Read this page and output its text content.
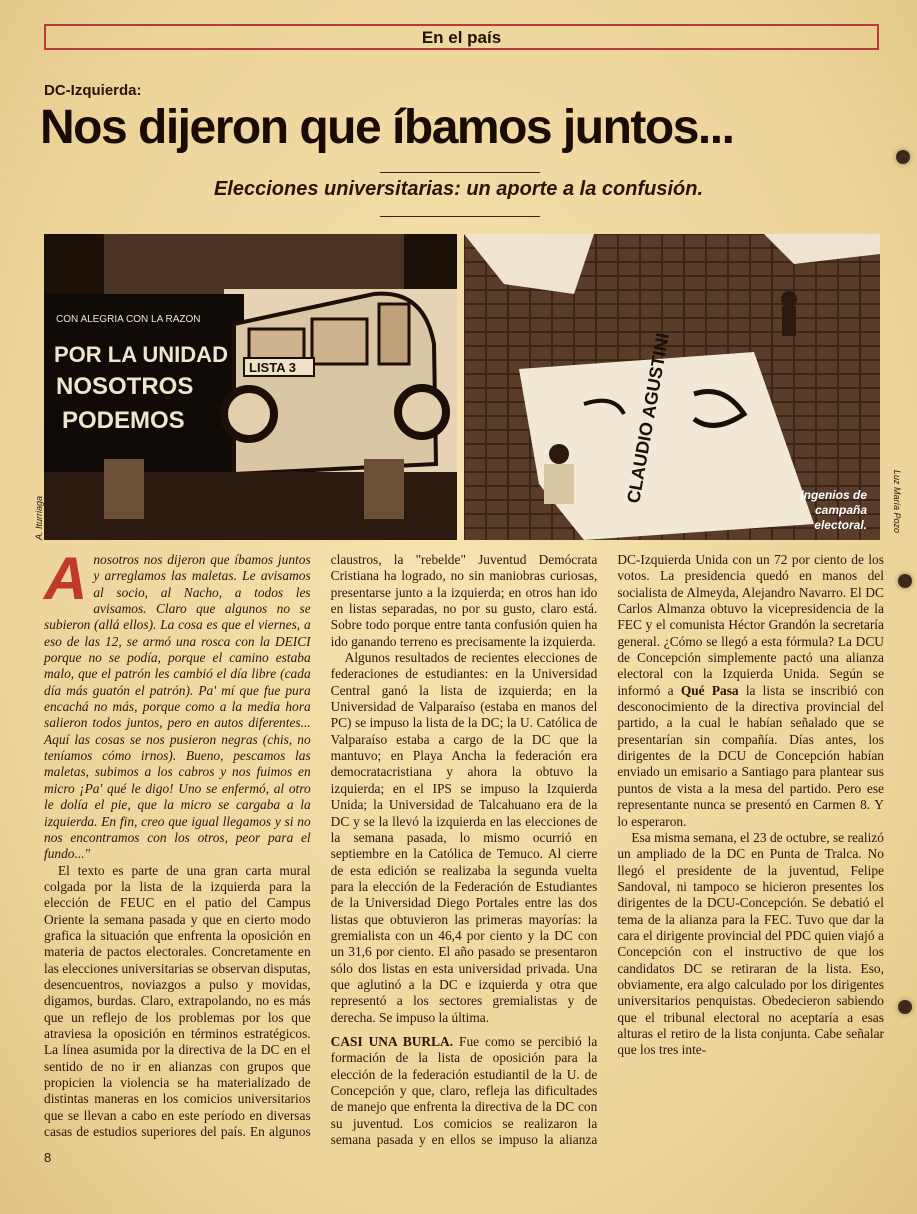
En el país
DC-Izquierda:
Nos dijeron que íbamos juntos...
Elecciones universitarias: un aporte a la confusión.
CON ALEGRIA CON LA RAZON
POR LA UNIDAD
NOSOTROS
PODEMOS
LISTA 3	CLAUDIO AGUSTINI	Ingenios de campaña electoral.
A. Iturriaga	Luz María Pozo

Anosotros nos dijeron que íbamos juntos y arreglamos las maletas. Le avisamos al socio, al Nacho, a todos les avisamos. Claro que algunos no se subieron (allá ellos). La cosa es que el viernes, a eso de las 12, se armó una rosca con la DEICI porque no se podía, porque el camino estaba malo, que el patrón les cambió el día libre (cada día más guatón el patrón). Pa' mí que fue pura encachá no más, porque como a la media hora salieron todos juntos, pero en autos diferentes... Aquí las cosas se nos pusieron negras (chis, no teníamos cómo irnos). Bueno, pescamos las maletas, subimos a los cabros y nos fuimos en micro ¡Pa' qué le digo! Uno se enfermó, al otro le dolía el pie, que la micro se cargaba a la izquierda. En fin, creo que igual llegamos y si no nos encontramos con los otros, peor para el fundo..."

El texto es parte de una gran carta mural colgada por la lista de la izquierda para la elección de FEUC en el patio del Campus Oriente la semana pasada y que en cierto modo grafica la situación que enfrenta la oposición en materia de pactos electorales. Concretamente en las elecciones universitarias se observan disputas, desencuentros, noviazgos a pulso y movidas, digamos, burdas. Claro, extrapolando, no es más que un reflejo de los problemas por los que atraviesa la oposición en términos estratégicos. La línea asumida por la directiva de la DC en el sentido de no ir en alianzas con grupos que propicien la violencia se ha materializado de distintas maneras en los comicios universitarios que se llevan a cabo en este período en diversas casas de estudios superiores del país. En algunos claustros, la "rebelde" Juventud Demócrata Cristiana ha logrado, no sin maniobras curiosas, presentarse junto a la izquierda; en otros han ido en listas separadas, no por su gusto, claro está. Sobre todo porque entre tanta confusión quien ha ido ganando terreno es precisamente la izquierda.

Algunos resultados de recientes elecciones de federaciones de estudiantes: en la Universidad Central ganó la lista de izquierda; en la Universidad de Valparaíso (estaba en manos del PC) se impuso la lista de la DC; la U. Católica de Valparaíso estaba a cargo de la DC que la mantuvo; en Playa Ancha la federación era democratacristiana y ahora la obtuvo la izquierda; en el IPS se impuso la Izquierda Unida; la Universidad de Talcahuano era de la DC y se la llevó la izquierda en las elecciones de la semana pasada, lo mismo ocurrió en septiembre en la Católica de Temuco. Al cierre de esta edición se realizaba la segunda vuelta para la elección de la Federación de Estudiantes de la Universidad Diego Portales entre las dos listas que obtuvieron las primeras mayorías: la gremialista con un 46,4 por ciento y la DC con un 31,6 por ciento. El año pasado se presentaron sólo dos listas en esta universidad privada. Una que aglutinó a la DC e izquierda y otra que representó a los sectores gremialistas y de derecha. Se impuso la última.

CASI UNA BURLA. Fue como se percibió la formación de la lista de oposición para la elección de la federación estudiantil de la U. de Concepción y que, claro, refleja las dificultades de manejo que enfrenta la directiva de la DC con su juventud. Los comicios se realizaron la semana pasada y en ellos se impuso la alianza DC-Izquierda Unida con un 72 por ciento de los votos. La presidencia quedó en manos del socialista de Almeyda, Alejandro Navarro. El DC Carlos Almanza obtuvo la vicepresidencia de la FEC y el comunista Héctor Grandón la secretaría general. ¿Cómo se llegó a esta fórmula? La DCU de Concepción simplemente pactó una alianza electoral con la Izquierda Unida. Según se informó a Qué Pasa la lista se inscribió con desconocimiento de la directiva provincial del partido, a la cual le habían señalado que se presentarían sin compañía. Días antes, los dirigentes de la DCU de Concepción habían enviado un emisario a Santiago para plantear sus puntos de vista a la mesa del partido. Pero ese representante nunca se presentó en Carmen 8. Y lo esperaron.

Esa misma semana, el 23 de octubre, se realizó un ampliado de la DC en Punta de Tralca. No llegó el presidente de la juventud, Felipe Sandoval, ni tampoco se hicieron presentes los dirigentes de la DCU-Concepción. Se debatió el tema de la alianza para la FEC. Tuvo que dar la cara el dirigente provincial del PDC quien viajó a Concepción con el instructivo de que los candidatos DC se retiraran de la lista. Eso, obviamente, era algo calculado por los dirigentes universitarios penquistas. Obedecieron sabiendo que el tribunal electoral no aceptaría a esas alturas el retiro de la lista conjunta. Cabe señalar que los tres inte-

8
